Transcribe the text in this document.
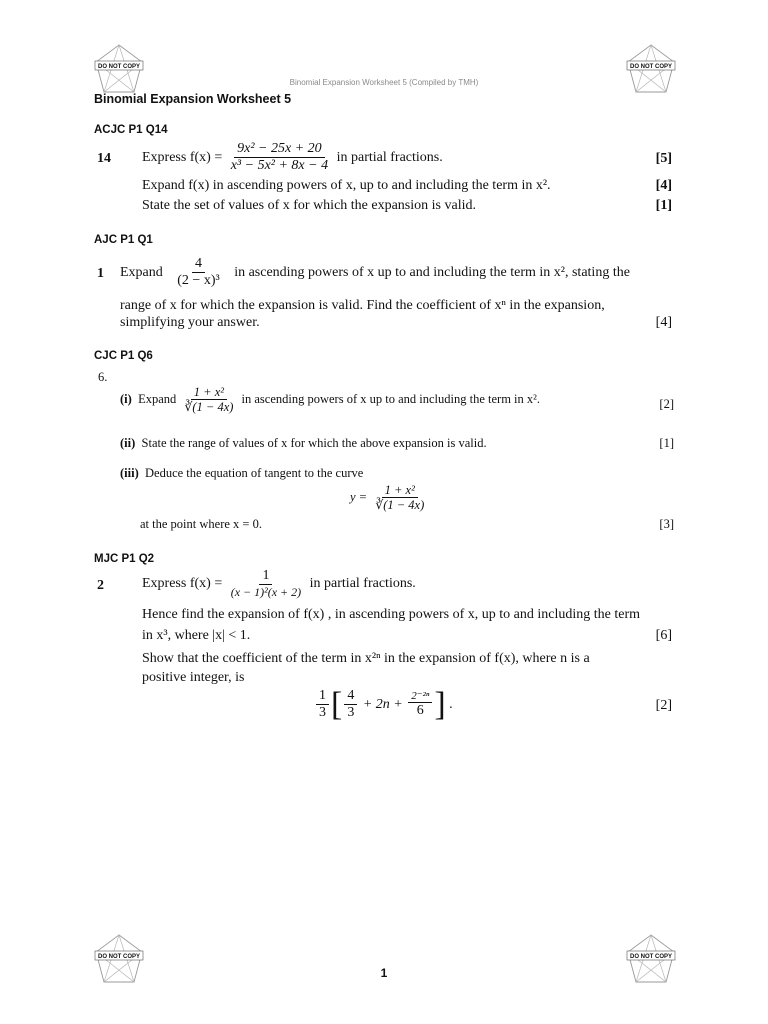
DO NOT COPY	DO NOT COPY
DO NOT COPY	DO NOT COPY
Binomial Expansion Worksheet 5 (Compiled by TMH)
Binomial Expansion Worksheet 5
ACJC P1 Q14
14 Express $f(x) = \frac{\text{9x² − 25x + 20}}{\text{x³ − 5x² + 8x − 4}}$ in partial fractions.	[5]
Expand f(x) in ascending powers of x, up to and including the term in x².	[4]
State the set of values of x for which the expansion is valid.	[1]
AJC P1 Q1
1 Expand $\frac{4}{\text{(2 − x)³}}$ in ascending powers of x up to and including the term in x², stating the
range of x for which the expansion is valid. Find the coefficient of xⁿ in the expansion,
simplifying your answer.	[4]
CJC P1 Q6
6.
(i) Expand $\frac{\text{1 + x²}}{∛(1 - 4x)}$ in ascending powers of x up to and including the term in x².	[2]
(ii) State the range of values of x for which the above expansion is valid.	[1]
(iii) Deduce the equation of tangent to the curve
$y = \frac{\text{1 + x²}}{∛(1 - 4x)}$
at the point where x = 0.	[3]
MJC P1 Q2
2	Express $f(x) = \frac{1}{\text{(x − 1)²(x + 2)}}$ in partial fractions.
Hence find the expansion of f(x) , in ascending powers of x, up to and including the term
in x³, where |x| < 1.	[6]
Show that the coefficient of the term in x²ⁿ in the expansion of f(x), where n is a
positive integer, is
$\frac{1}{3}$ [ $\frac{4}{3} + 2n + \frac{\text{2⁻²ⁿ}}{6}$ ] .	[2]
1
